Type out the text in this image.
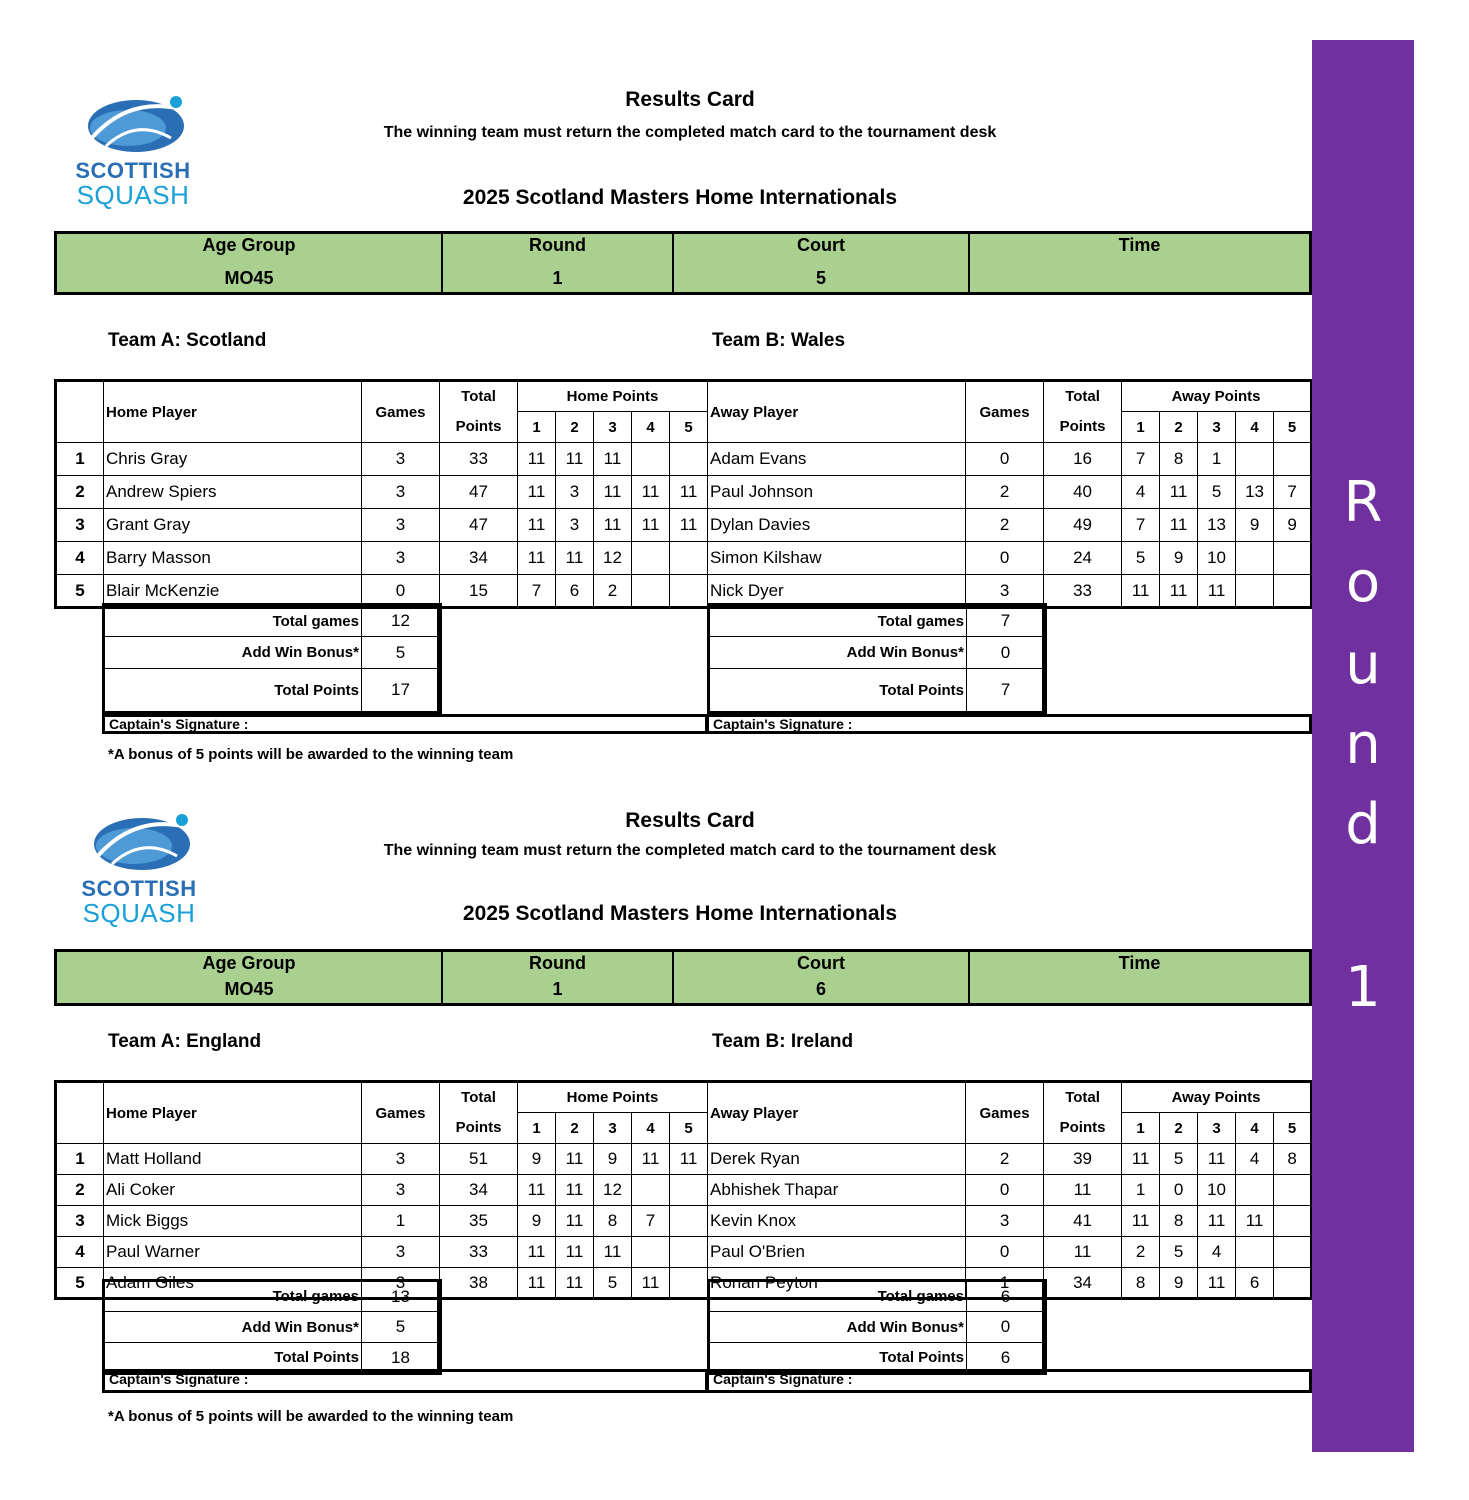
SCOTTISH
SQUASH
Results Card
The winning team must return the completed match card to the tournament desk
2025 Scotland Masters Home Internationals
Age Group
MO45
Round
1
Court
5
Time
Team A: Scotland	Team B: Wales
	Home Player	Games	Total	Home Points					Away Player	Games	Total	Away Points				
			Points	1	2	3	4	5			Points	1	2	3	4	5
1	Chris Gray	3	33	11	11	11			Adam Evans	0	16	7	8	1		
2	Andrew Spiers	3	47	11	3	11	11	11	Paul Johnson	2	40	4	11	5	13	7
3	Grant Gray	3	47	11	3	11	11	11	Dylan Davies	2	49	7	11	13	9	9
4	Barry Masson	3	34	11	11	12			Simon Kilshaw	0	24	5	9	10		
5	Blair McKenzie	0	15	7	6	2			Nick Dyer	3	33	11	11	11		
Total games	12
Add Win Bonus*	5
Total Points	17
Total games	7
Add Win Bonus*	0
Total Points	7
Captain's Signature :	Captain's Signature :
*A bonus of 5 points will be awarded to the winning team
SCOTTISH
SQUASH
Results Card
The winning team must return the completed match card to the tournament desk
2025 Scotland Masters Home Internationals
Age Group
MO45
Round
1
Court
6
Time
Team A: England	Team B: Ireland
	Home Player	Games	Total	Home Points					Away Player	Games	Total	Away Points				
			Points	1	2	3	4	5			Points	1	2	3	4	5
1	Matt Holland	3	51	9	11	9	11	11	Derek Ryan	2	39	11	5	11	4	8
2	Ali Coker	3	34	11	11	12			Abhishek Thapar	0	11	1	0	10		
3	Mick Biggs	1	35	9	11	8	7		Kevin Knox	3	41	11	8	11	11	
4	Paul Warner	3	33	11	11	11			Paul O'Brien	0	11	2	5	4		
5	Adam Giles	3	38	11	11	5	11		Ronan Peyton	1	34	8	9	11	6	
Total games	13
Add Win Bonus*	5
Total Points	18
Total games	6
Add Win Bonus*	0
Total Points	6
Captain's Signature :	Captain's Signature :
*A bonus of 5 points will be awarded to the winning team
R
o
u
n
d
1
